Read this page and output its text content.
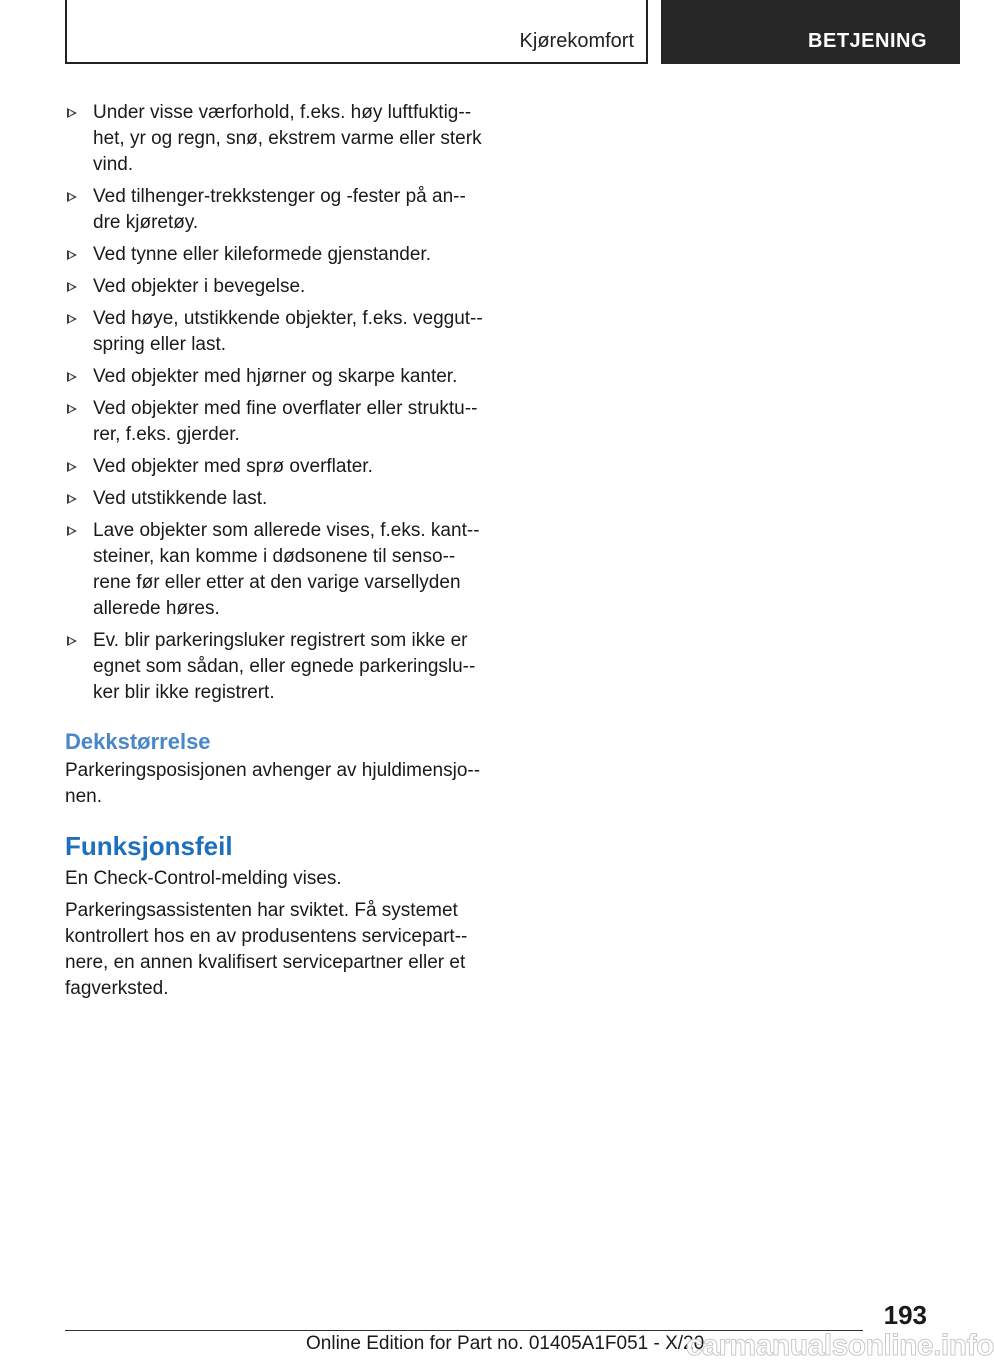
Kjørekomfort	BETJENING
Under visse værforhold, f.eks. høy luftfuktig-het, yr og regn, snø, ekstrem varme eller sterk vind.
Ved tilhenger-trekkstenger og -fester på an-dre kjøretøy.
Ved tynne eller kileformede gjenstander.
Ved objekter i bevegelse.
Ved høye, utstikkende objekter, f.eks. veggut-spring eller last.
Ved objekter med hjørner og skarpe kanter.
Ved objekter med fine overflater eller struktu-rer, f.eks. gjerder.
Ved objekter med sprø overflater.
Ved utstikkende last.
Lave objekter som allerede vises, f.eks. kant-steiner, kan komme i dødsonene til senso-rene før eller etter at den varige varsellyden allerede høres.
Ev. blir parkeringsluker registrert som ikke er egnet som sådan, eller egnede parkeringslu-ker blir ikke registrert.
Dekkstørrelse

Parkeringsposisjonen avhenger av hjuldimensjo-nen.

Funksjonsfeil

En Check-Control-melding vises.

Parkeringsassistenten har sviktet. Få systemet kontrollert hos en av produsentens servicepart-nere, en annen kvalifisert servicepartner eller et fagverksted.

193
Online Edition for Part no. 01405A1F051 - X/20
carmanualsonline.info
